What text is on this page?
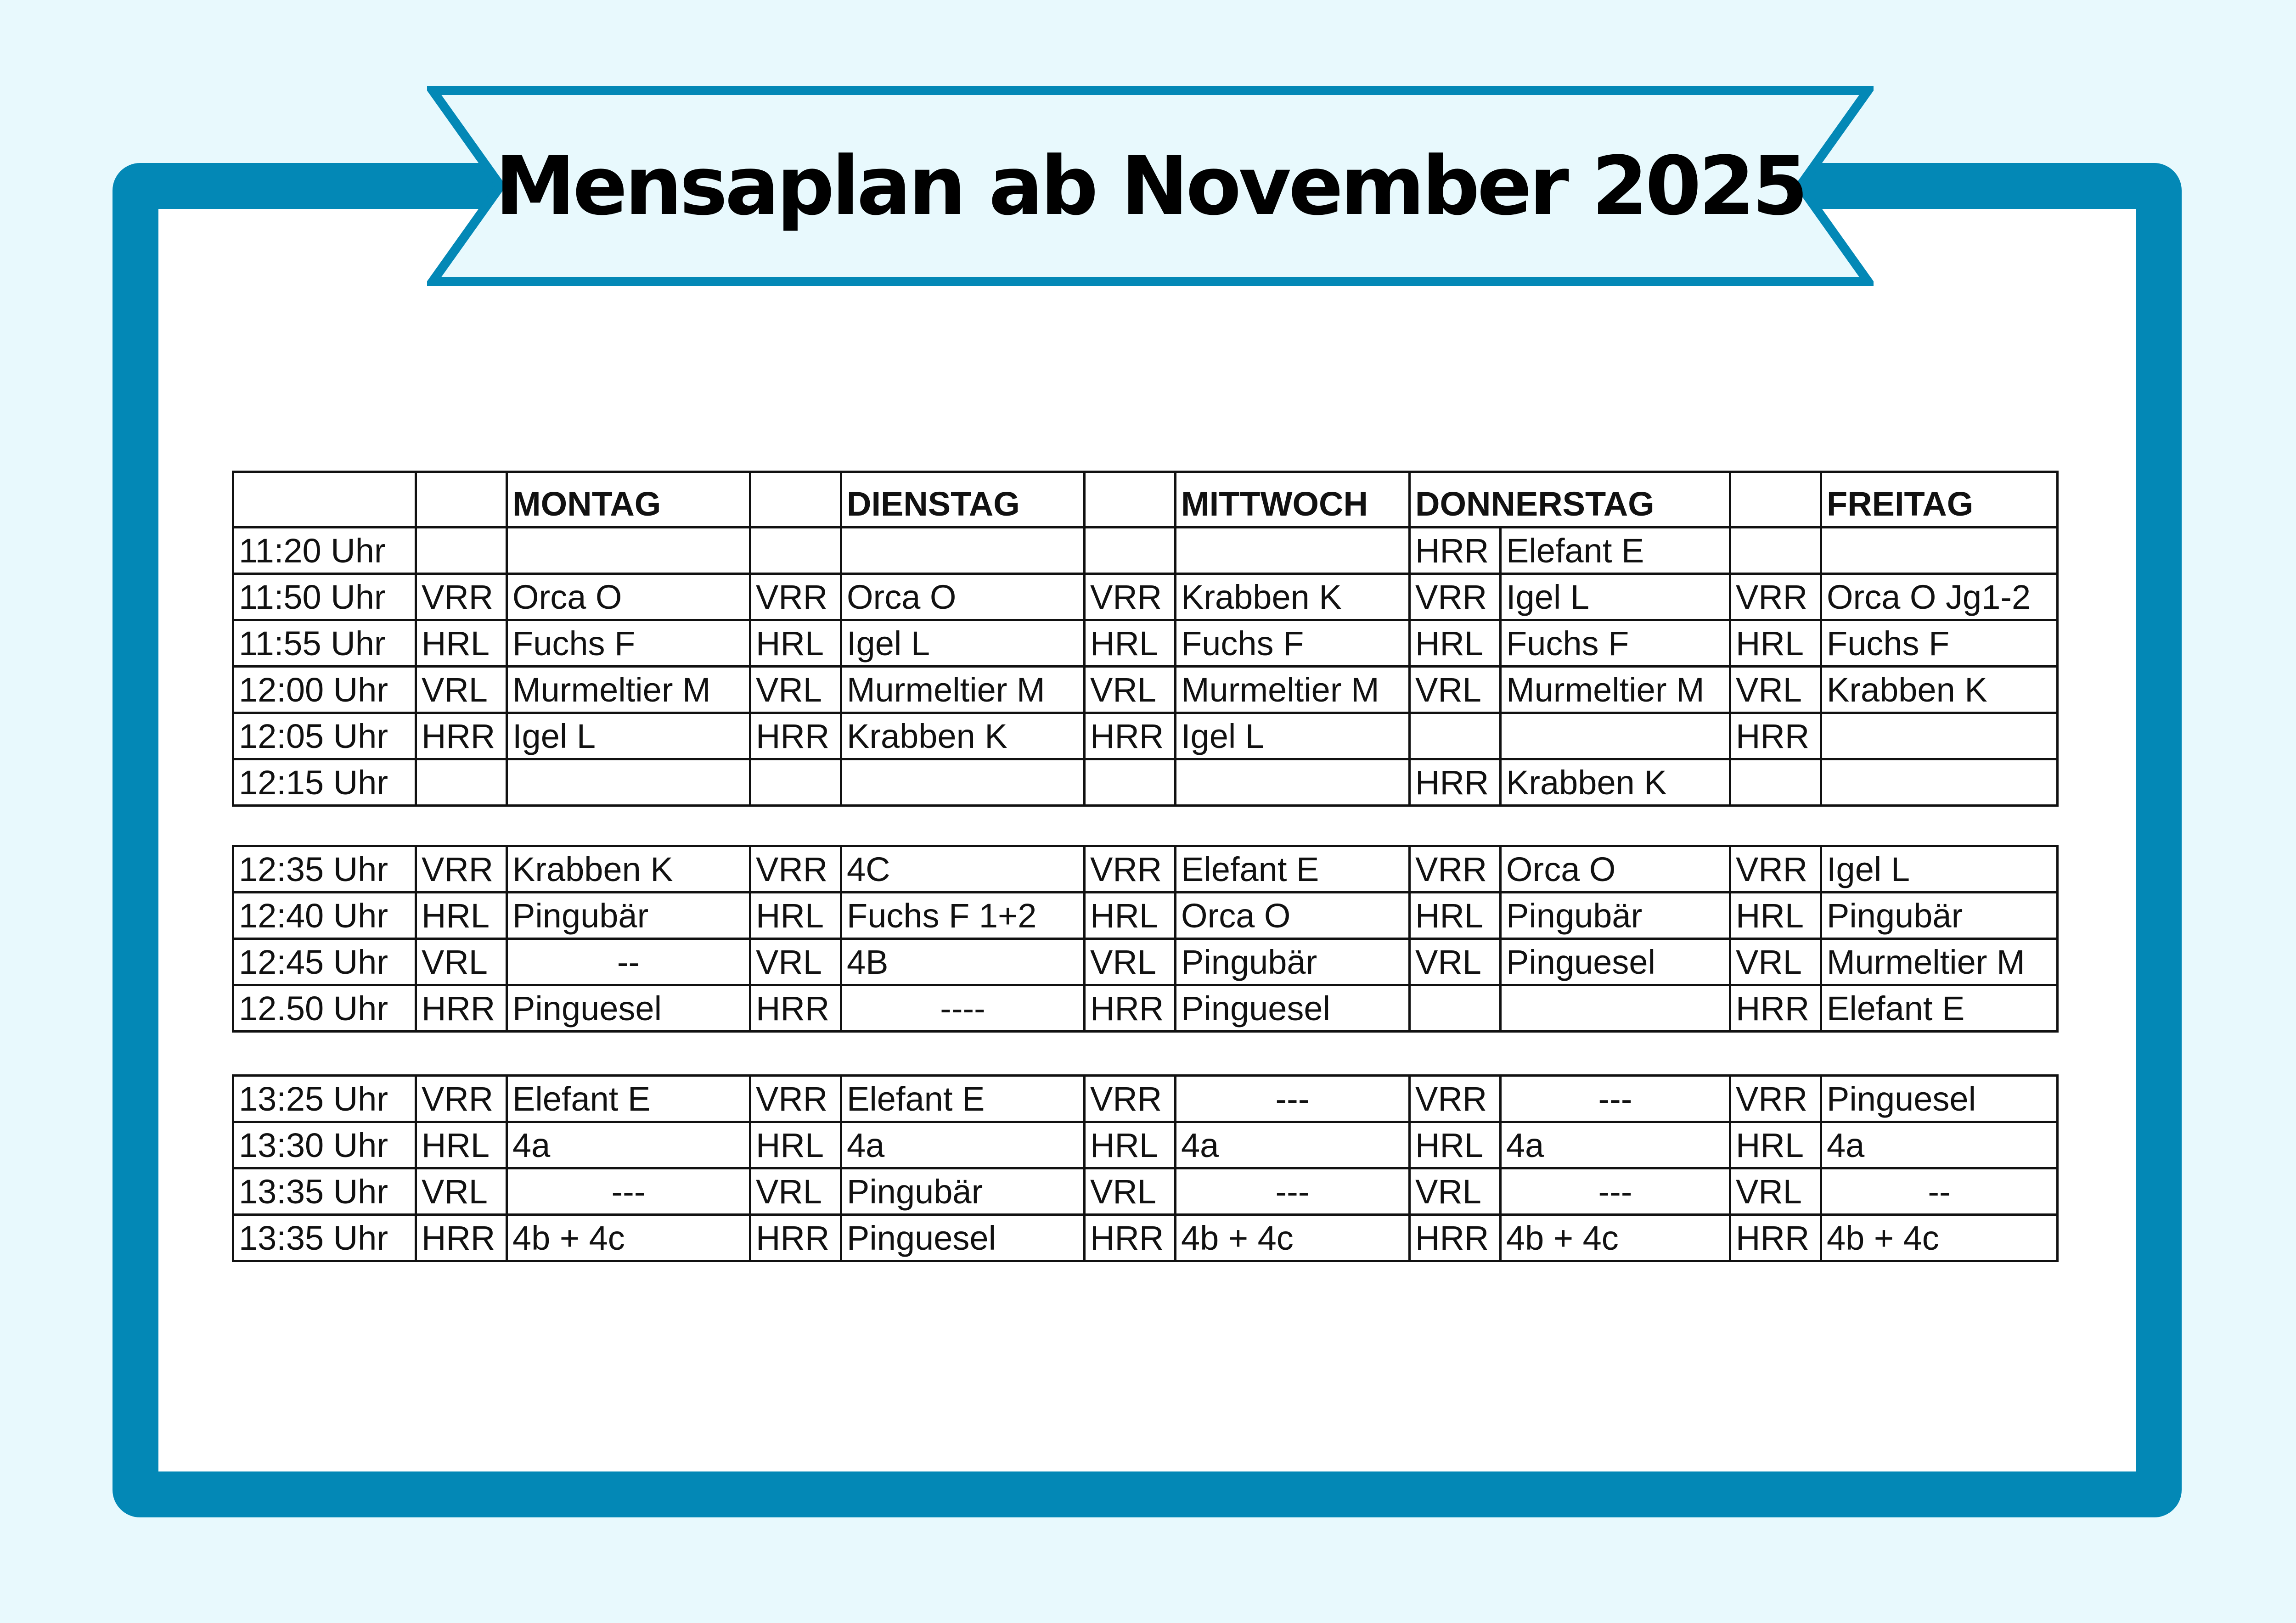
Mensaplan ab November 2025
		MONTAG		DIENSTAG		MITTWOCH	DONNERSTAG			FREITAG
11:20 Uhr							HRR	Elefant E		
11:50 Uhr	VRR	Orca O	VRR	Orca O	VRR	Krabben K	VRR	Igel L	VRR	Orca O Jg1-2
11:55 Uhr	HRL	Fuchs F	HRL	Igel L	HRL	Fuchs F	HRL	Fuchs F	HRL	Fuchs F
12:00 Uhr	VRL	Murmeltier M	VRL	Murmeltier M	VRL	Murmeltier M	VRL	Murmeltier M	VRL	Krabben K
12:05 Uhr	HRR	Igel L	HRR	Krabben K	HRR	Igel L			HRR	
12:15 Uhr							HRR	Krabben K		
12:35 Uhr	VRR	Krabben K	VRR	4C	VRR	Elefant E	VRR	Orca O	VRR	Igel L
12:40 Uhr	HRL	Pingubär	HRL	Fuchs F 1+2	HRL	Orca O	HRL	Pingubär	HRL	Pingubär
12:45 Uhr	VRL	--	VRL	4B	VRL	Pingubär	VRL	Pinguesel	VRL	Murmeltier M
12.50 Uhr	HRR	Pinguesel	HRR	----	HRR	Pinguesel			HRR	Elefant E
13:25 Uhr	VRR	Elefant E	VRR	Elefant E	VRR	---	VRR	---	VRR	Pinguesel
13:30 Uhr	HRL	4a	HRL	4a	HRL	4a	HRL	4a	HRL	4a
13:35 Uhr	VRL	---	VRL	Pingubär	VRL	---	VRL	---	VRL	--
13:35 Uhr	HRR	4b + 4c	HRR	Pinguesel	HRR	4b + 4c	HRR	4b + 4c	HRR	4b + 4c
